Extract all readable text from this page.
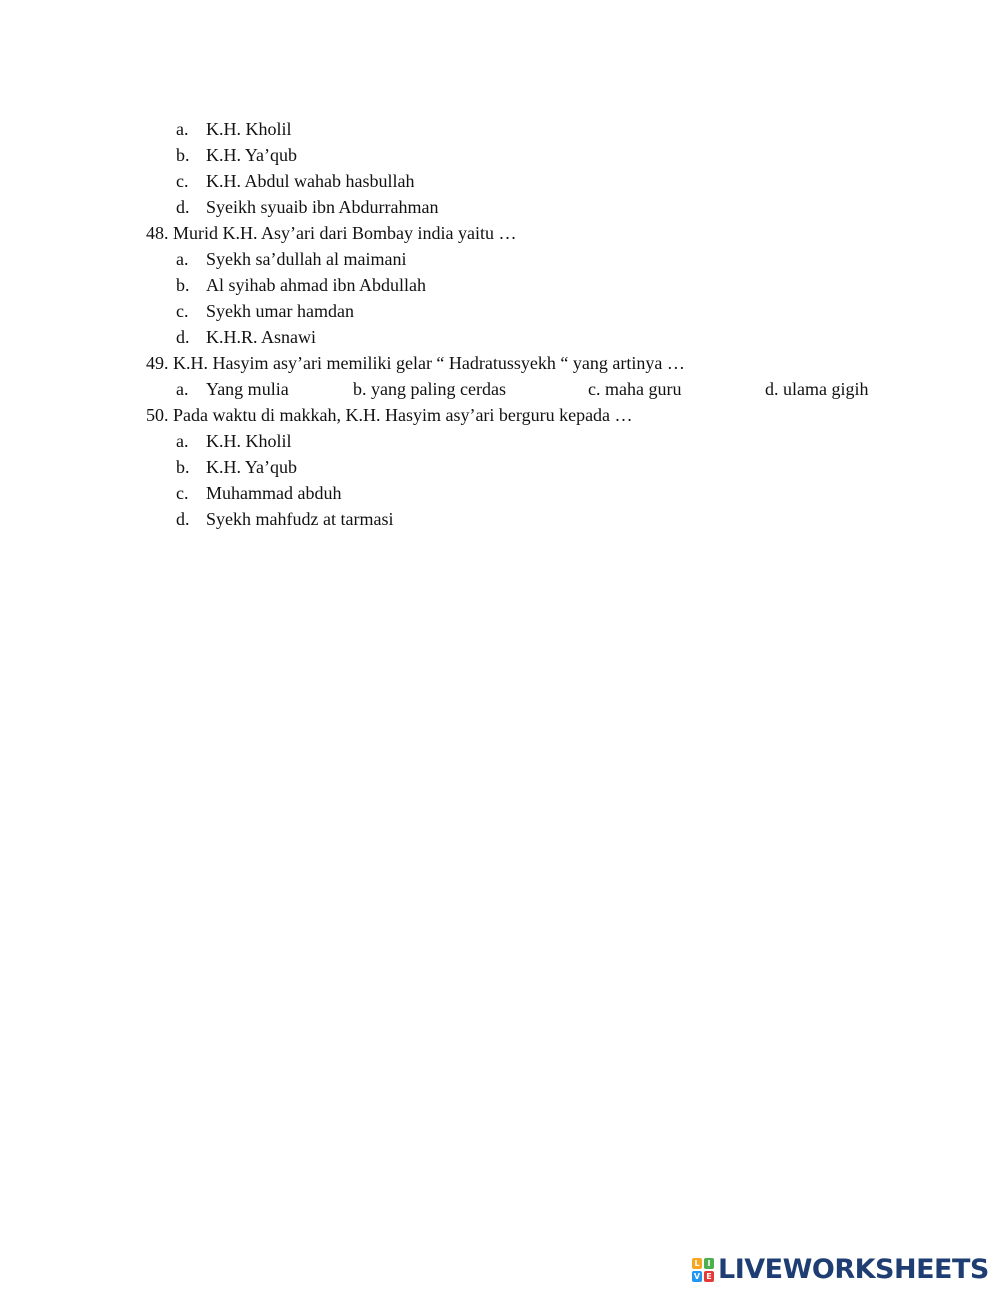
a. K.H. Kholil
b. K.H. Ya’qub
c. K.H. Abdul wahab hasbullah
d. Syeikh syuaib ibn Abdurrahman
48. Murid K.H. Asy’ari dari Bombay india yaitu …
a. Syekh sa’dullah al maimani
b. Al syihab ahmad ibn Abdullah
c. Syekh umar hamdan
d. K.H.R. Asnawi
49. K.H. Hasyim asy’ari memiliki gelar “ Hadratussyekh “ yang artinya …
a. Yang mulia	b. yang paling cerdas	c. maha guru	d. ulama gigih
50. Pada waktu di makkah, K.H. Hasyim asy’ari berguru kepada …
a. K.H. Kholil
b. K.H. Ya’qub
c. Muhammad abduh
d. Syekh mahfudz at tarmasi
L I
V E LIVEWORKSHEETS
